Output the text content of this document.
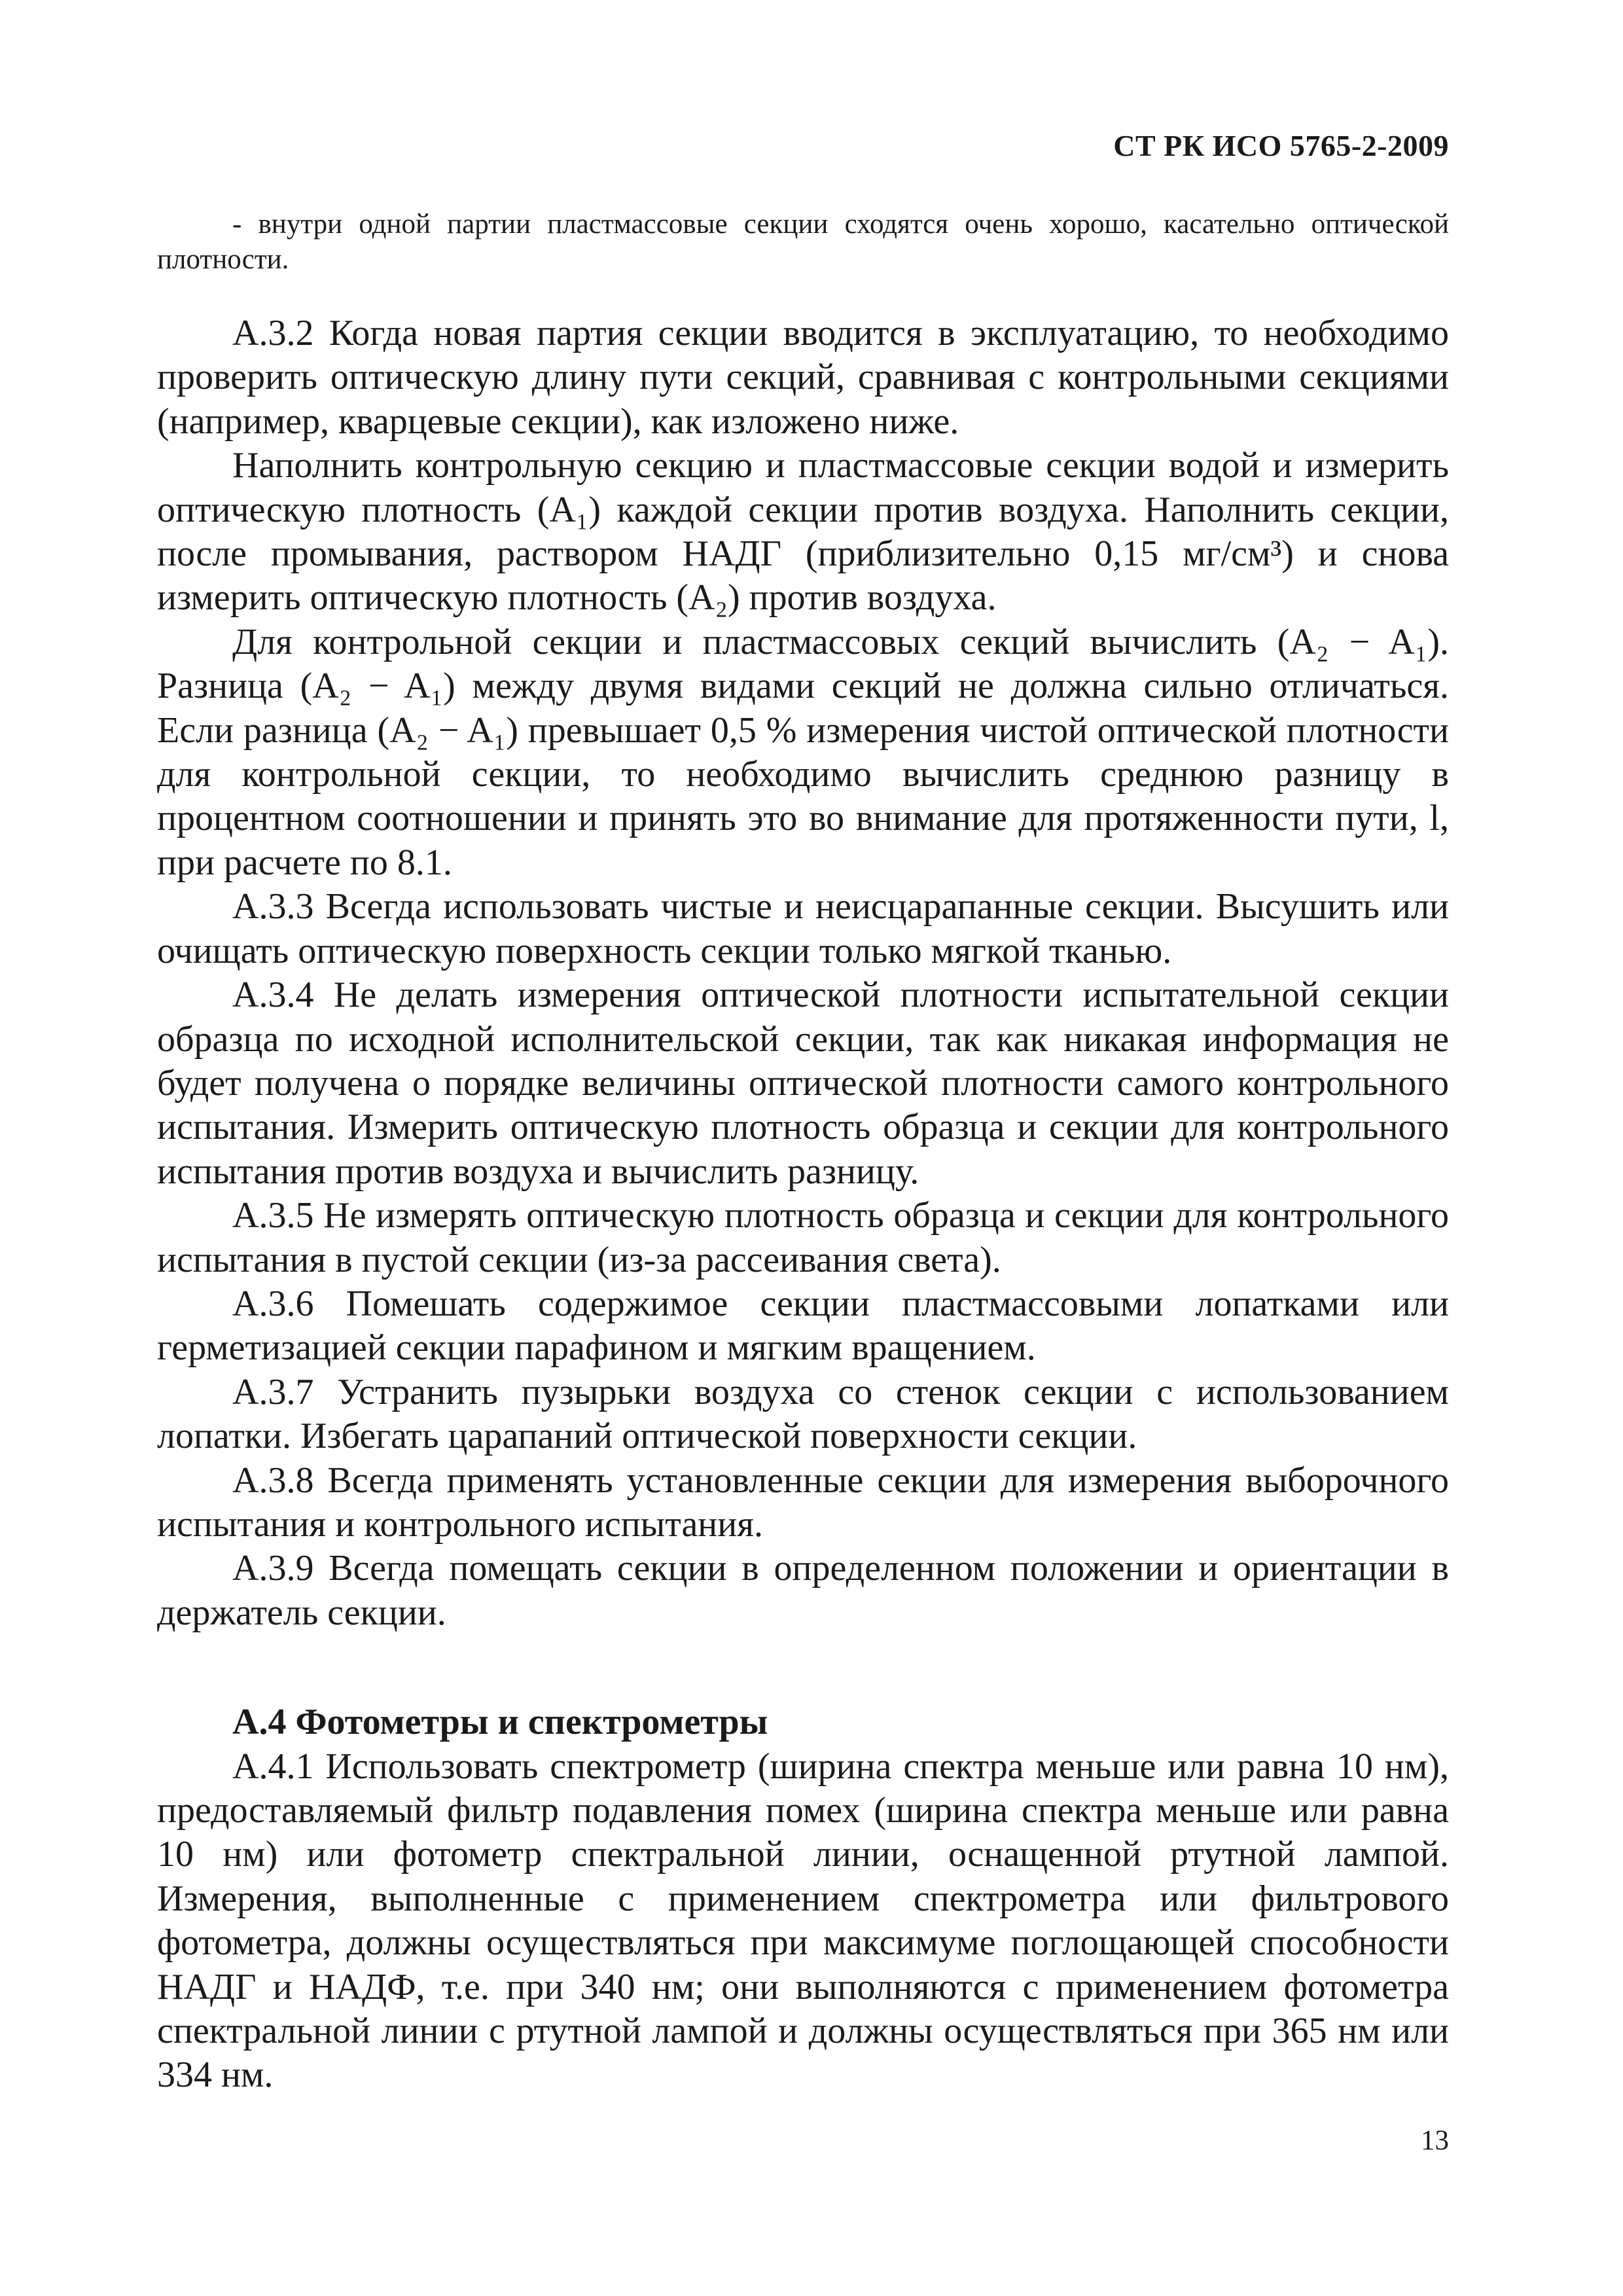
СТ РК ИСО 5765-2-2009

- внутри одной партии пластмассовые секции сходятся очень хорошо, касательно оптической плотности.

А.3.2 Когда новая партия секции вводится в эксплуатацию, то необходимо проверить оптическую длину пути секций, сравнивая с контрольными секциями (например, кварцевые секции), как изложено ниже.

Наполнить контрольную секцию и пластмассовые секции водой и измерить оптическую плотность (A₁) каждой секции против воздуха. Наполнить секции, после промывания, раствором НАДГ (приблизительно 0,15 мг/см³) и снова измерить оптическую плотность (A₂) против воздуха.

Для контрольной секции и пластмассовых секций вычислить (A₂ − A₁). Разница (A₂ − A₁) между двумя видами секций не должна сильно отличаться. Если разница (A₂ − A₁) превышает 0,5 % измерения чистой оптической плотности для контрольной секции, то необходимо вычислить среднюю разницу в процентном соотношении и принять это во внимание для протяженности пути, l, при расчете по 8.1.

А.3.3 Всегда использовать чистые и неисцарапанные секции. Высушить или очищать оптическую поверхность секции только мягкой тканью.

А.3.4 Не делать измерения оптической плотности испытательной секции образца по исходной исполнительской секции, так как никакая информация не будет получена о порядке величины оптической плотности самого контрольного испытания. Измерить оптическую плотность образца и секции для контрольного испытания против воздуха и вычислить разницу.

А.3.5 Не измерять оптическую плотность образца и секции для контрольного испытания в пустой секции (из-за рассеивания света).

А.3.6 Помешать содержимое секции пластмассовыми лопатками или герметизацией секции парафином и мягким вращением.

А.3.7 Устранить пузырьки воздуха со стенок секции с использованием лопатки. Избегать царапаний оптической поверхности секции.

А.3.8 Всегда применять установленные секции для измерения выборочного испытания и контрольного испытания.

А.3.9 Всегда помещать секции в определенном положении и ориентации в держатель секции.

А.4 Фотометры и спектрометры

А.4.1 Использовать спектрометр (ширина спектра меньше или равна 10 нм), предоставляемый фильтр подавления помех (ширина спектра меньше или равна 10 нм) или фотометр спектральной линии, оснащенной ртутной лампой. Измерения, выполненные с применением спектрометра или фильтрового фотометра, должны осуществляться при максимуме поглощающей способности НАДГ и НАДФ, т.е. при 340 нм; они выполняются с применением фотометра спектральной линии с ртутной лампой и должны осуществляться при 365 нм или 334 нм.

13
